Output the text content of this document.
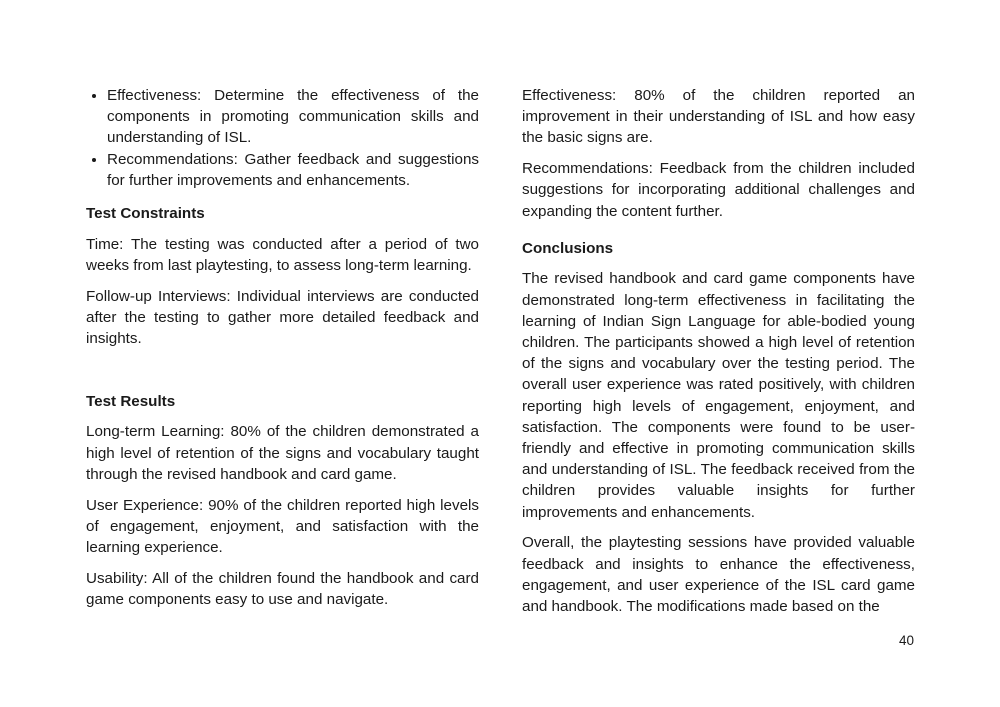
• Effectiveness: Determine the effectiveness of the components in promoting communication skills and understanding of ISL.
• Recommendations: Gather feedback and suggestions for further improvements and enhancements.
Test Constraints

Time: The testing was conducted after a period of two weeks from last playtesting, to assess long-term learning.

Follow-up Interviews: Individual interviews are conducted after the testing to gather more detailed feedback and insights.

Test Results

Long-term Learning: 80% of the children demonstrated a high level of retention of the signs and vocabulary taught through the revised handbook and card game.

User Experience: 90% of the children reported high levels of engagement, enjoyment, and satisfaction with the learning experience.

Usability: All of the children found the handbook and card game components easy to use and navigate.

Effectiveness: 80% of the children reported an improvement in their understanding of ISL and how easy the basic signs are.

Recommendations: Feedback from the children included suggestions for incorporating additional challenges and expanding the content further.

Conclusions

The revised handbook and card game components have demonstrated long-term effectiveness in facilitating the learning of Indian Sign Language for able-bodied young children. The participants showed a high level of retention of the signs and vocabulary over the testing period. The overall user experience was rated positively, with children reporting high levels of engagement, enjoyment, and satisfaction. The components were found to be user-friendly and effective in promoting communication skills and understanding of ISL. The feedback received from the children provides valuable insights for further improvements and enhancements.

Overall, the playtesting sessions have provided valuable feedback and insights to enhance the effectiveness, engagement, and user experience of the ISL card game and handbook. The modifications made based on the

40
